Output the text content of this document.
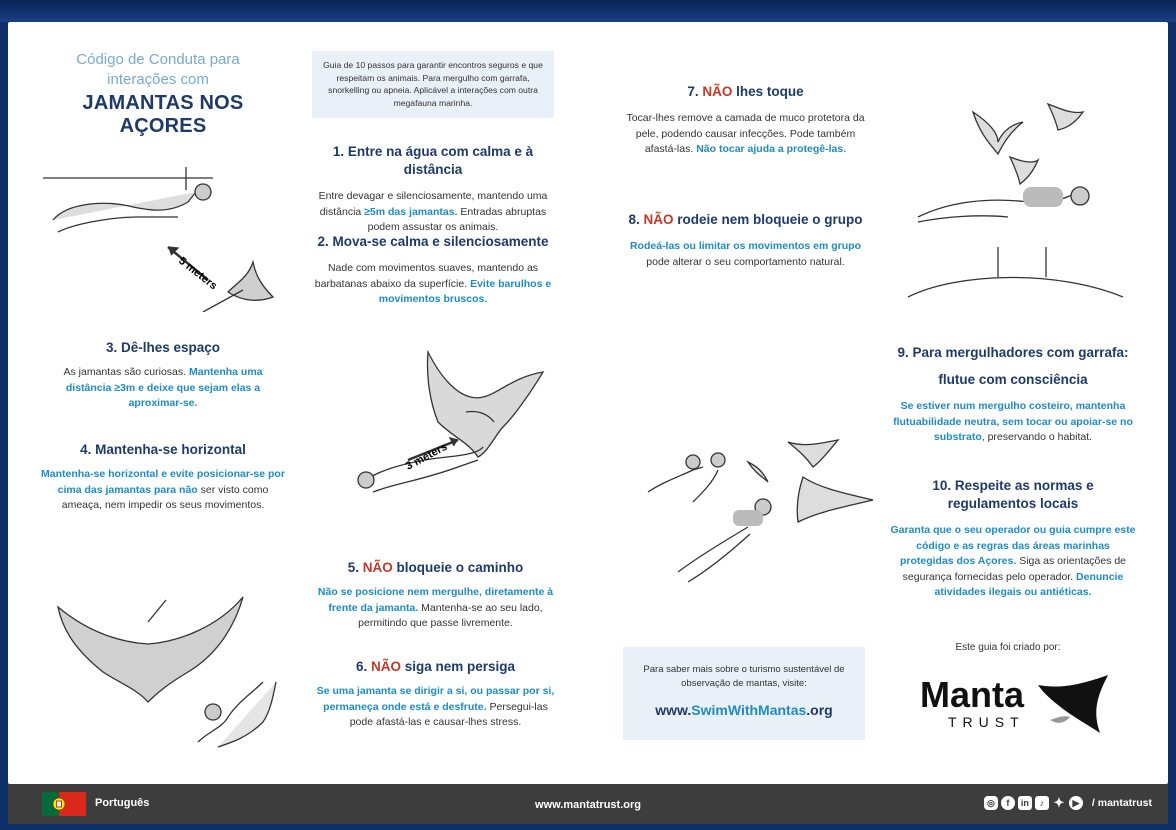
Código de Conduta para
interações com
JAMANTAS NOS AÇORES
Guia de 10 passos para garantir encontros seguros e que respeitam os animais. Para mergulho com garrafa, snorkelling ou apneia. Aplicável a interações com outra megafauna marinha.
5 meters
3 meters
1. Entre na água com calma e à distância
Entre devagar e silenciosamente, mantendo uma distância ≥5m das jamantas. Entradas abruptas podem assustar os animais.
2. Mova-se calma e silenciosamente
Nade com movimentos suaves, mantendo as barbatanas abaixo da superfície. Evite barulhos e movimentos bruscos.
3. Dê-lhes espaço
As jamantas são curiosas. Mantenha uma distância ≥3m e deixe que sejam elas a aproximar-se.
4. Mantenha-se horizontal
Mantenha-se horizontal e evite posicionar-se por cima das jamantas para não ser visto como ameaça, nem impedir os seus movimentos.
5. NÃO bloqueie o caminho
Não se posicione nem mergulhe, diretamente à frente da jamanta. Mantenha-se ao seu lado, permitindo que passe livremente.
6. NÃO siga nem persiga
Se uma jamanta se dirigir a si, ou passar por si, permaneça onde está e desfrute. Persegui-las pode afastá-las e causar-lhes stress.
7. NÃO lhes toque
Tocar-lhes remove a camada de muco protetora da pele, podendo causar infecções. Pode também afastá-las. Não tocar ajuda a protegê-las.
8. NÃO rodeie nem bloqueie o grupo
Rodeá-las ou limitar os movimentos em grupo pode alterar o seu comportamento natural.
9. Para mergulhadores com garrafa:
flutue com consciência
Se estiver num mergulho costeiro, mantenha flutuabilidade neutra, sem tocar ou apoiar-se no substrato, preservando o habitat.
10. Respeite as normas e regulamentos locais
Garanta que o seu operador ou guia cumpre este código e as regras das áreas marinhas protegidas dos Açores. Siga as orientações de segurança fornecidas pelo operador. Denuncie atividades ilegais ou antiéticas.
Para saber mais sobre o turismo sustentável de observação de mantas, visite:
www.SwimWithMantas.org
Este guia foi criado por:
Manta
TRUST
Português	www.mantatrust.org	◎	f	in	♪ ✦ ▶	/ mantatrust
